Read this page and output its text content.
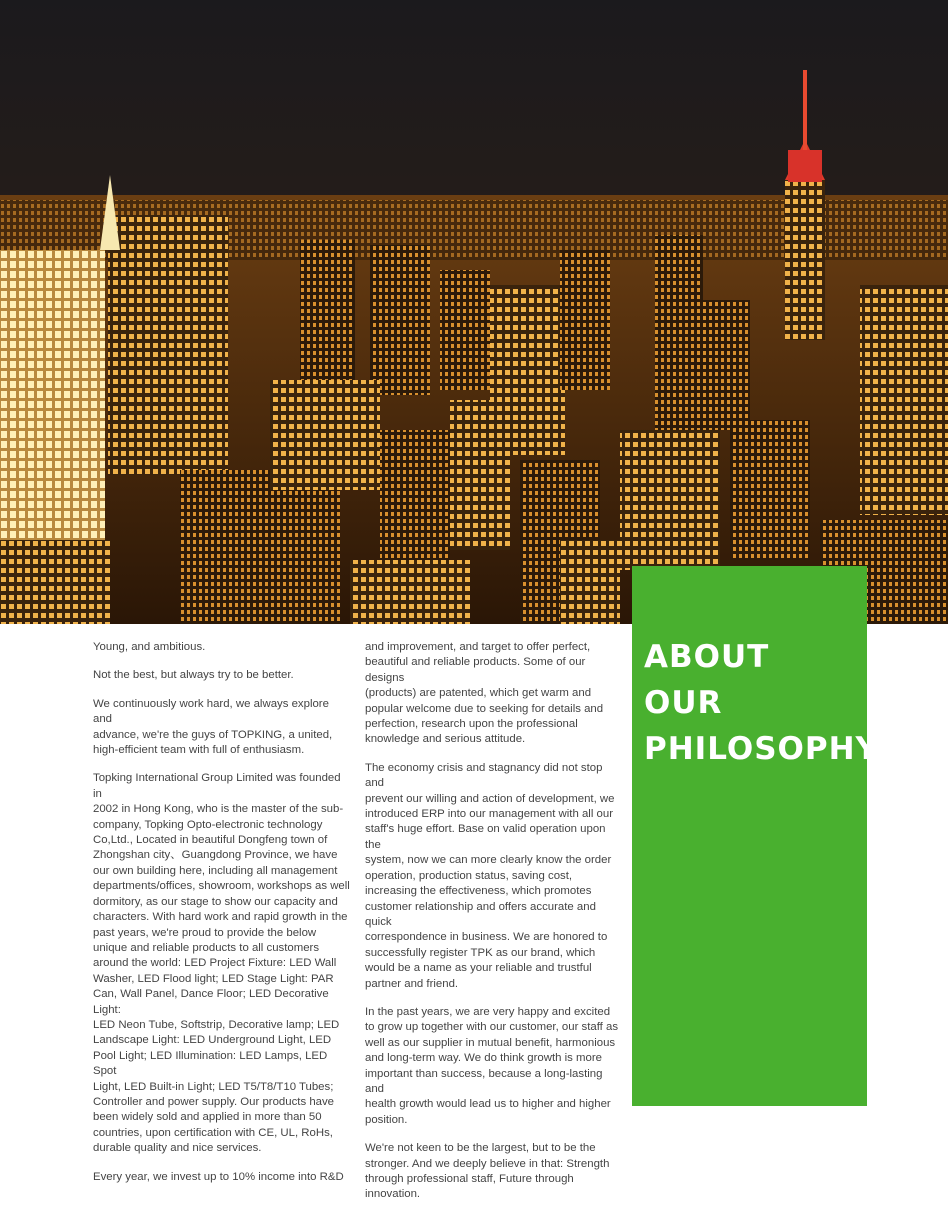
Young, and ambitious.

Not the best, but always try to be better.

We continuously work hard, we always explore and
advance, we're the guys of TOPKING, a united,
high-efficient team with full of enthusiasm.

Topking International Group Limited was founded in
2002 in Hong Kong, who is the master of the sub-
company, Topking Opto-electronic technology
Co,Ltd., Located in beautiful Dongfeng town of
Zhongshan city、Guangdong Province, we have
our own building here, including all management
departments/offices, showroom, workshops as well
dormitory, as our stage to show our capacity and
characters. With hard work and rapid growth in the
past years, we're proud to provide the below
unique and reliable products to all customers
around the world: LED Project Fixture: LED Wall
Washer, LED Flood light; LED Stage Light: PAR
Can, Wall Panel, Dance Floor; LED Decorative Light:
LED Neon Tube, Softstrip, Decorative lamp; LED
Landscape Light: LED Underground Light, LED
Pool Light; LED Illumination: LED Lamps, LED Spot
Light, LED Built-in Light; LED T5/T8/T10 Tubes;
Controller and power supply. Our products have
been widely sold and applied in more than 50
countries, upon certification with CE, UL, RoHs,
durable quality and nice services.

Every year, we invest up to 10% income into R&D

and improvement, and target to offer perfect,
beautiful and reliable products. Some of our designs
(products) are patented, which get warm and
popular welcome due to seeking for details and
perfection, research upon the professional
knowledge and serious attitude.

The economy crisis and stagnancy did not stop and
prevent our willing and action of development, we
introduced ERP into our management with all our
staff's huge effort. Base on valid operation upon the
system, now we can more clearly know the order
operation, production status, saving cost,
increasing the effectiveness, which promotes
customer relationship and offers accurate and quick
correspondence in business. We are honored to
successfully register TPK as our brand, which
would be a name as your reliable and trustful
partner and friend.

In the past years, we are very happy and excited
to grow up together with our customer, our staff as
well as our supplier in mutual benefit, harmonious
and long-term way. We do think growth is more
important than success, because a long-lasting and
health growth would lead us to higher and higher
position.

We're not keen to be the largest, but to be the
stronger. And we deeply believe in that: Strength
through professional staff, Future through
innovation.

ABOUT
OUR
PHILOSOPHY
